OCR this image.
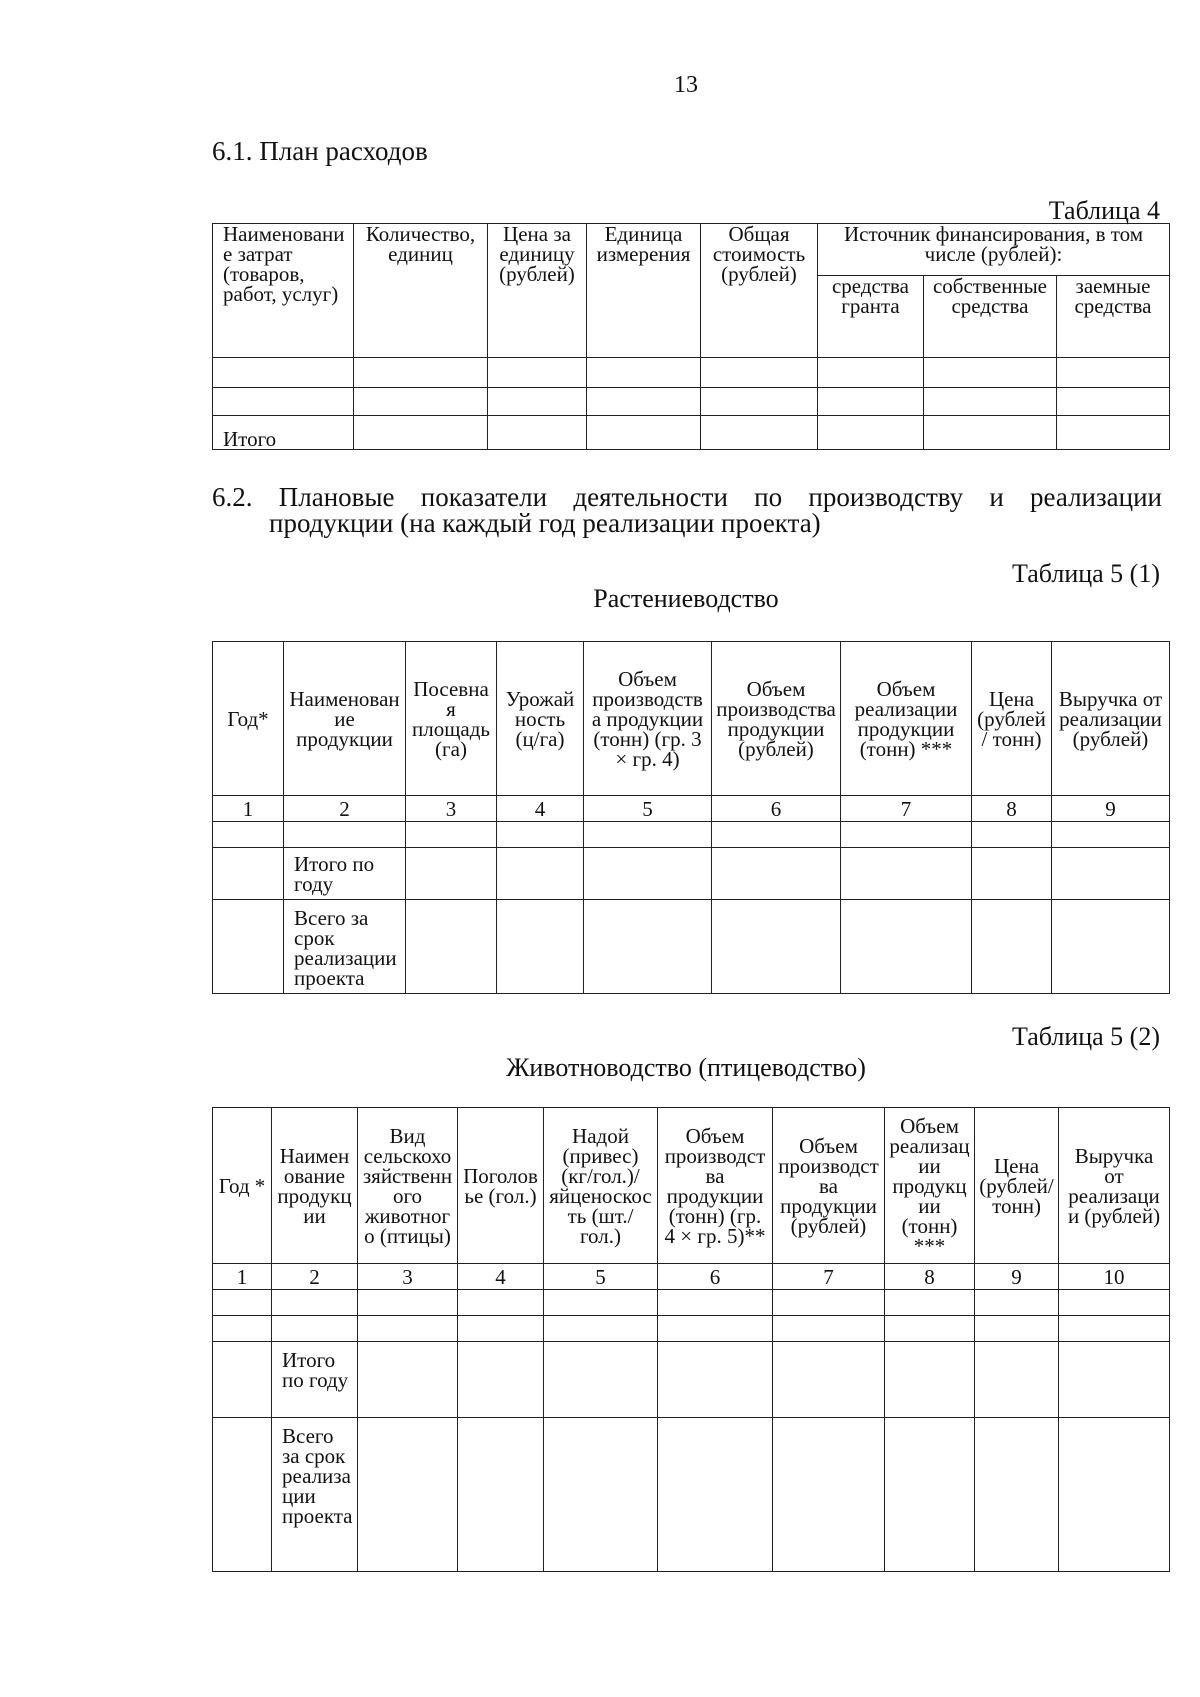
13
6.1. План расходов
Таблица 4
Наименование затрат (товаров, работ, услуг)	Количество, единиц	Цена за единицу (рублей)	Единица измерения	Общая стоимость (рублей)	Источник финансирования, в том числе (рублей):		
					средства гранта	собственные средства	заемные средства

Итого							
6.2. Плановые показатели деятельности по производству и реализации
продукции (на каждый год реализации проекта)
Таблица 5 (1)
Растениеводство
Год*	Наименование продукции	Посевная площадь (га)	Урожайность (ц/га)	Объем производства продукции (тонн) (гр. 3 × гр. 4)	Объем производства продукции (рублей)	Объем реализации продукции (тонн) ***	Цена (рублей/ тонн)	Выручка от реализации (рублей)
1	2	3	4	5	6	7	8	9

	Итого по году							
	Всего за срок реализации проекта							
Таблица 5 (2)
Животноводство (птицеводство)
Год *	Наименование продукции	Вид сельскохозяйственного животного (птицы)	Поголовье (гол.)	Надой (привес) (кг/гол.)/ яйценоскость (шт./гол.)	Объем производства продукции (тонн) (гр. 4 × гр. 5)**	Объем производства продукции (рублей)	Объем реализации продукции (тонн) ***	Цена (рублей/ тонн)	Выручка от реализации (рублей)
1	2	3	4	5	6	7	8	9	10

	Итого по году								
	Всего за срок реализации проекта								
